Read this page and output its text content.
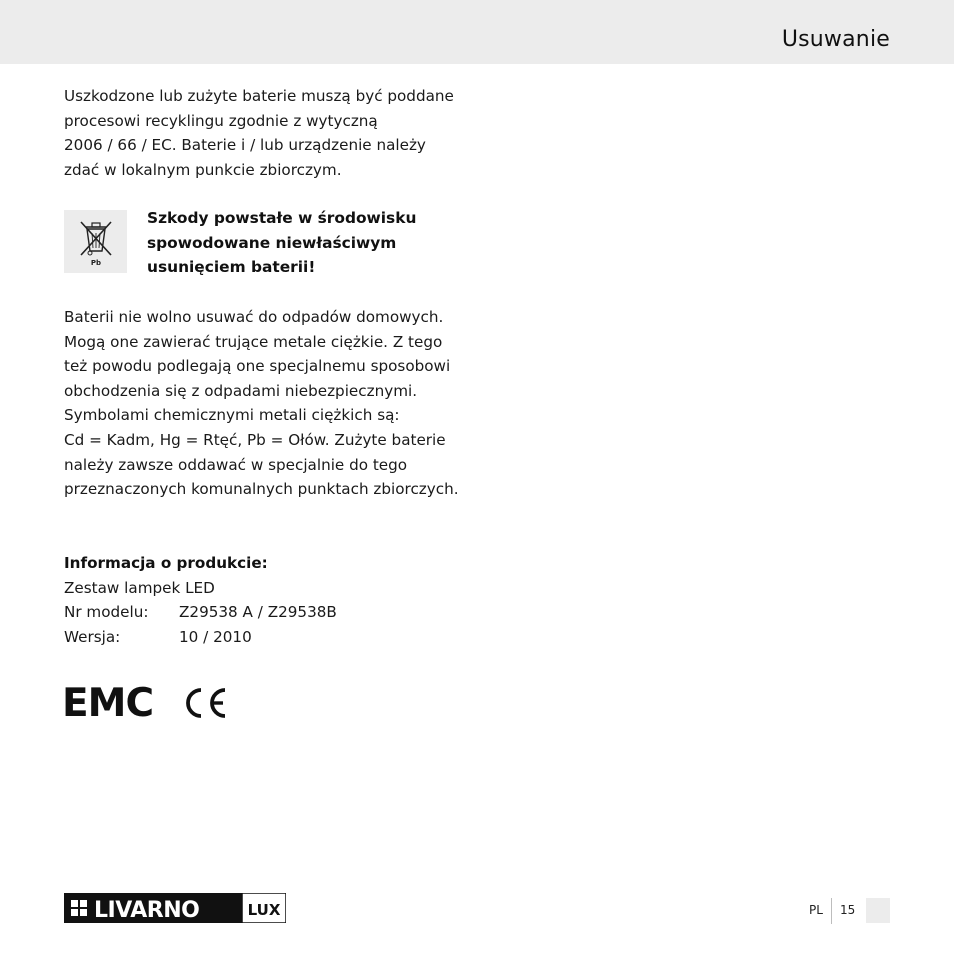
Usuwanie
Uszkodzone lub zużyte baterie muszą być poddane
procesowi recyklingu zgodnie z wytyczną
2006 / 66 / EC. Baterie i / lub urządzenie należy
zdać w lokalnym punkcie zbiorczym.
Pb
Szkody powstałe w środowisku
spowodowane niewłaściwym
usunięciem baterii!
Baterii nie wolno usuwać do odpadów domowych.
Mogą one zawierać trujące metale ciężkie. Z tego
też powodu podlegają one specjalnemu sposobowi
obchodzenia się z odpadami niebezpiecznymi.
Symbolami chemicznymi metali ciężkich są:
Cd = Kadm, Hg = Rtęć, Pb = Ołów. Zużyte baterie
należy zawsze oddawać w specjalnie do tego
przeznaczonych komunalnych punktach zbiorczych.
Informacja o produkcie:
Zestaw lampek LED
Nr modelu:	Z29538 A / Z29538B
Wersja:	10 / 2010
EMC
LIVARNO	LUX	PL 15
